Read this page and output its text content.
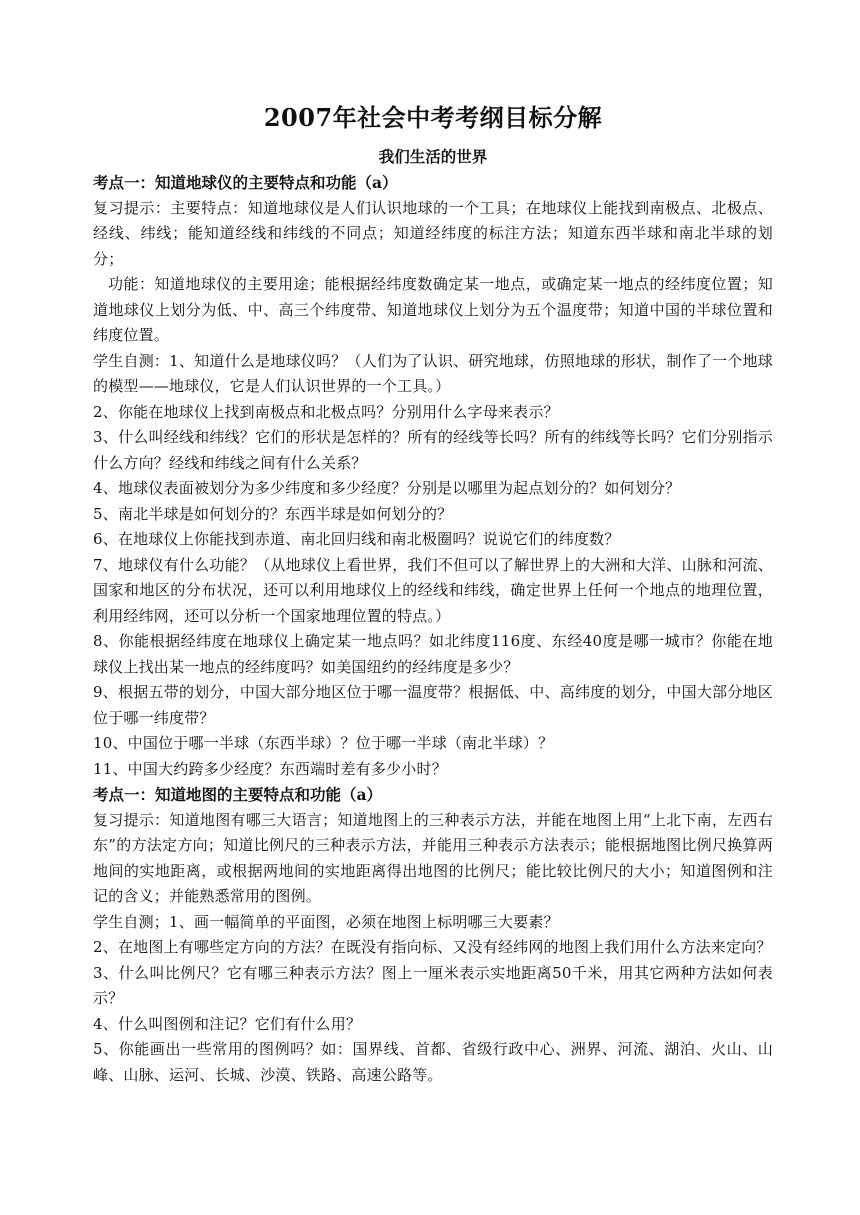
2007年社会中考考纲目标分解
我们生活的世界

考点一：知道地球仪的主要特点和功能（a）

复习提示：主要特点：知道地球仪是人们认识地球的一个工具；在地球仪上能找到南极点、北极点、经线、纬线；能知道经线和纬线的不同点；知道经纬度的标注方法；知道东西半球和南北半球的划分；

功能：知道地球仪的主要用途；能根据经纬度数确定某一地点，或确定某一地点的经纬度位置；知道地球仪上划分为低、中、高三个纬度带、知道地球仪上划分为五个温度带；知道中国的半球位置和纬度位置。

学生自测：1、知道什么是地球仪吗？（人们为了认识、研究地球，仿照地球的形状，制作了一个地球的模型——地球仪，它是人们认识世界的一个工具。）

2、你能在地球仪上找到南极点和北极点吗？分别用什么字母来表示？

3、什么叫经线和纬线？它们的形状是怎样的？所有的经线等长吗？所有的纬线等长吗？它们分别指示什么方向？经线和纬线之间有什么关系？

4、地球仪表面被划分为多少纬度和多少经度？分别是以哪里为起点划分的？如何划分？

5、南北半球是如何划分的？东西半球是如何划分的？

6、在地球仪上你能找到赤道、南北回归线和南北极圈吗？说说它们的纬度数？

7、地球仪有什么功能？（从地球仪上看世界，我们不但可以了解世界上的大洲和大洋、山脉和河流、国家和地区的分布状况，还可以利用地球仪上的经线和纬线，确定世界上任何一个地点的地理位置，利用经纬网，还可以分析一个国家地理位置的特点。）

8、你能根据经纬度在地球仪上确定某一地点吗？如北纬度116度、东经40度是哪一城市？你能在地球仪上找出某一地点的经纬度吗？如美国纽约的经纬度是多少？

9、根据五带的划分，中国大部分地区位于哪一温度带？根据低、中、高纬度的划分，中国大部分地区位于哪一纬度带？

10、中国位于哪一半球（东西半球）？位于哪一半球（南北半球）？

11、中国大约跨多少经度？东西端时差有多少小时？

考点一：知道地图的主要特点和功能（a）

复习提示：知道地图有哪三大语言；知道地图上的三种表示方法，并能在地图上用“上北下南，左西右东”的方法定方向；知道比例尺的三种表示方法，并能用三种表示方法表示；能根据地图比例尺换算两地间的实地距离，或根据两地间的实地距离得出地图的比例尺；能比较比例尺的大小；知道图例和注记的含义；并能熟悉常用的图例。

学生自测；1、画一幅简单的平面图，必须在地图上标明哪三大要素？

2、在地图上有哪些定方向的方法？在既没有指向标、又没有经纬网的地图上我们用什么方法来定向？

3、什么叫比例尺？它有哪三种表示方法？图上一厘米表示实地距离50千米，用其它两种方法如何表示？

4、什么叫图例和注记？它们有什么用？

5、你能画出一些常用的图例吗？如：国界线、首都、省级行政中心、洲界、河流、湖泊、火山、山峰、山脉、运河、长城、沙漠、铁路、高速公路等。
